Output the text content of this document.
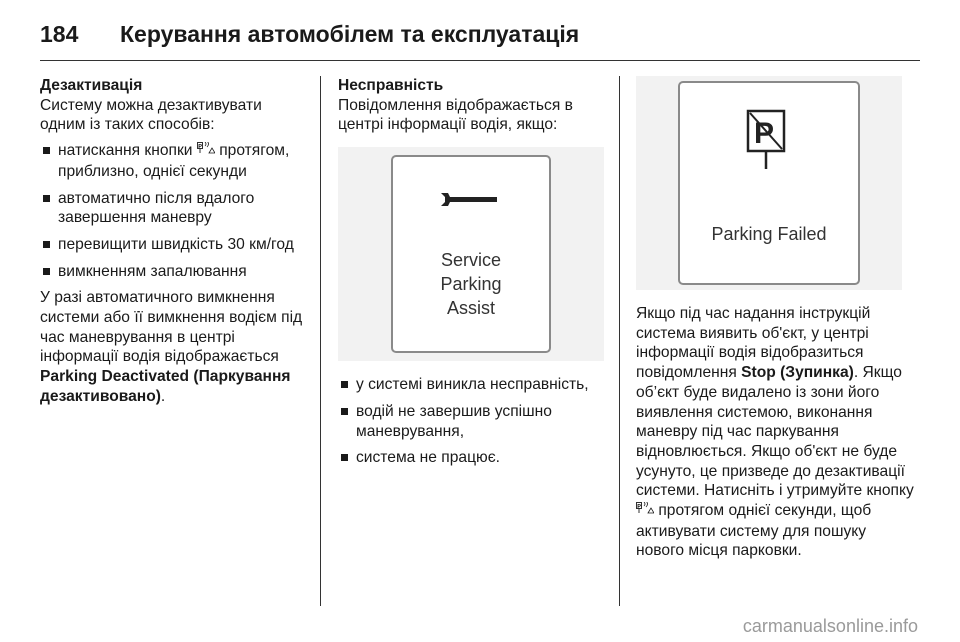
184	Керування автомобілем та експлуатація

Дезактивація

Систему можна дезактивувати одним із таких способів:

натискання кнопки P протягом, приблизно, однієї секунди
автоматично після вдалого завершення маневру
перевищити швидкість 30 км/год
вимкненням запалювання

У разі автоматичного вимкнення системи або її вимкнення водієм під час маневрування в центрі інформації водія відображається Parking Deactivated (Паркування дезактивовано).

Несправність

Повідомлення відображається в центрі інформації водія, якщо:

Service
Parking
Assist
у системі виникла несправність,
водій не завершив успішно маневрування,
система не працює.
P
Parking Failed

Якщо під час надання інструкцій система виявить об'єкт, у центрі інформації водія відобразиться повідомлення Stop (Зупинка). Якщо об’єкт буде видалено із зони його виявлення системою, виконання маневру під час паркування відновлюється. Якщо об'єкт не буде усунуто, це призведе до дезактивації системи. Натисніть і утримуйте кнопку
P протягом однієї секунди, щоб активувати систему для пошуку нового місця парковки.

carmanualsonline.info
